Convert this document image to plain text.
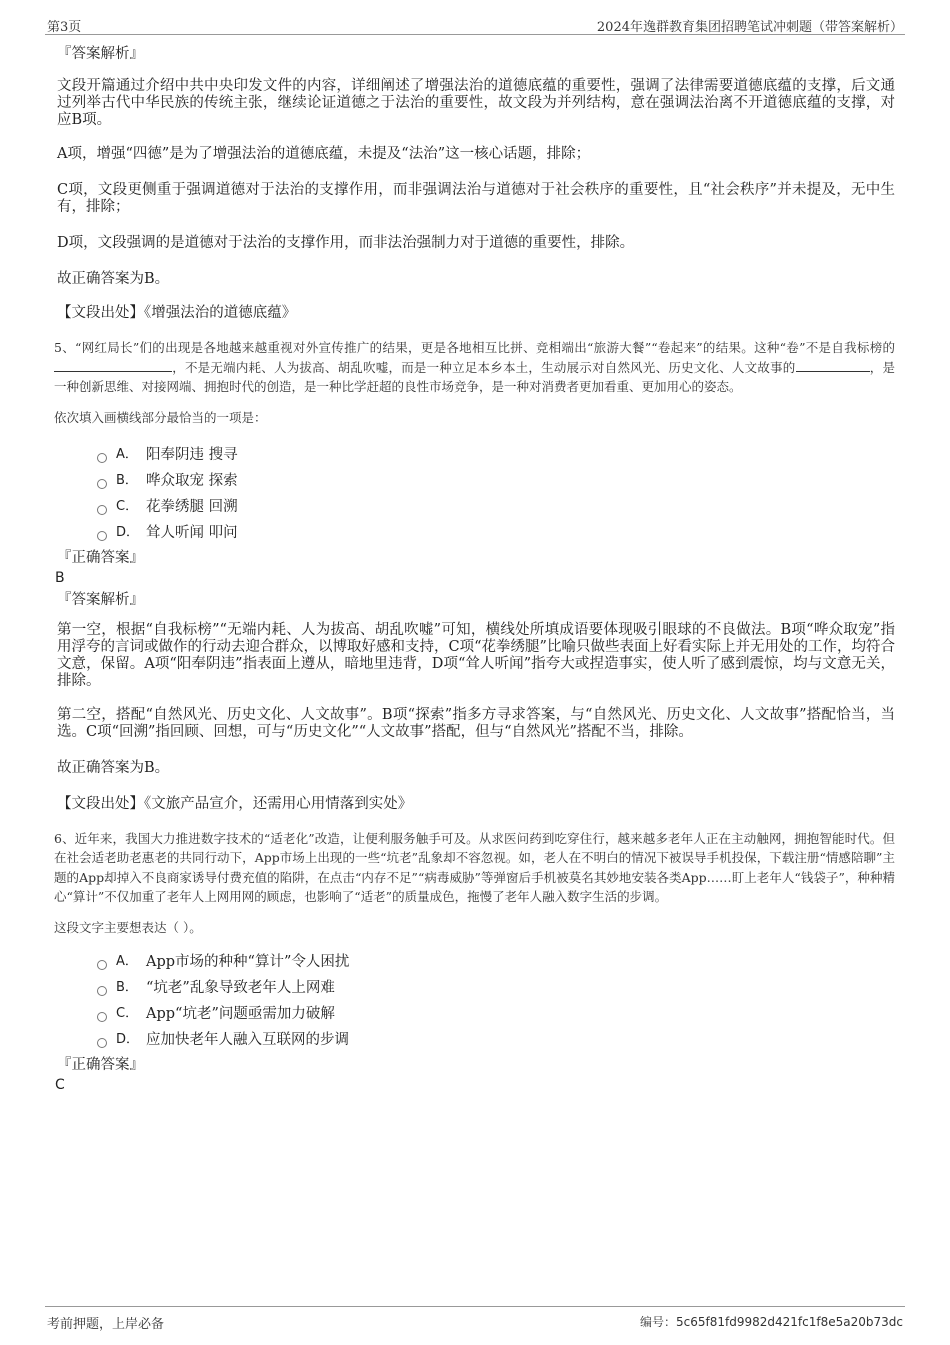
第3页	2024年逸群教育集团招聘笔试冲刺题（带答案解析）

『答案解析』

文段开篇通过介绍中共中央印发文件的内容，详细阐述了增强法治的道德底蕴的重要性，强调了法律需要道德底蕴的支撑，后文通过列举古代中华民族的传统主张，继续论证道德之于法治的重要性，故文段为并列结构，意在强调法治离不开道德底蕴的支撑，对应B项。

A项，增强“四德”是为了增强法治的道德底蕴，未提及“法治”这一核心话题，排除；

C项，文段更侧重于强调道德对于法治的支撑作用，而非强调法治与道德对于社会秩序的重要性，且“社会秩序”并未提及，无中生有，排除；

D项，文段强调的是道德对于法治的支撑作用，而非法治强制力对于道德的重要性，排除。

故正确答案为B。

【文段出处】《增强法治的道德底蕴》

5、“网红局长”们的出现是各地越来越重视对外宣传推广的结果，更是各地相互比拼、竞相端出“旅游大餐”“卷起来”的结果。这种“卷”不是自我标榜的，不是无端内耗、人为拔高、胡乱吹嘘，而是一种立足本乡本土，生动展示对自然风光、历史文化、人文故事的	，是一种创新思维、对接网端、拥抱时代的创造，是一种比学赶超的良性市场竞争，是一种对消费者更加看重、更加用心的姿态。

依次填入画横线部分最恰当的一项是：

A． 阳奉阴违 搜寻
B． 哗众取宠 探索
C． 花拳绣腿 回溯
D． 耸人听闻 叩问

『正确答案』

B

『答案解析』

第一空，根据“自我标榜”“无端内耗、人为拔高、胡乱吹嘘”可知，横线处所填成语要体现吸引眼球的不良做法。B项“哗众取宠”指用浮夸的言词或做作的行动去迎合群众，以博取好感和支持，C项“花拳绣腿”比喻只做些表面上好看实际上并无用处的工作，均符合文意，保留。A项“阳奉阴违”指表面上遵从，暗地里违背，D项“耸人听闻”指夸大或捏造事实，使人听了感到震惊，均与文意无关，排除。

第二空，搭配“自然风光、历史文化、人文故事”。B项“探索”指多方寻求答案，与“自然风光、历史文化、人文故事”搭配恰当，当选。C项“回溯”指回顾、回想，可与“历史文化”“人文故事”搭配，但与“自然风光”搭配不当，排除。

故正确答案为B。

【文段出处】《文旅产品宣介，还需用心用情落到实处》

6、近年来，我国大力推进数字技术的“适老化”改造，让便利服务触手可及。从求医问药到吃穿住行，越来越多老年人正在主动触网，拥抱智能时代。但在社会适老助老惠老的共同行动下，App市场上出现的一些“坑老”乱象却不容忽视。如，老人在不明白的情况下被误导手机投保，下载注册“情感陪聊”主题的App却掉入不良商家诱导付费充值的陷阱，在点击“内存不足”“病毒威胁”等弹窗后手机被莫名其妙地安装各类App……盯上老年人“钱袋子”，种种精心“算计”不仅加重了老年人上网用网的顾虑，也影响了“适老”的质量成色，拖慢了老年人融入数字生活的步调。

这段文字主要想表达（ ）。

A． App市场的种种“算计”令人困扰
B． “坑老”乱象导致老年人上网难
C． App“坑老”问题亟需加力破解
D． 应加快老年人融入互联网的步调

『正确答案』

C

考前押题，上岸必备	编号：5c65f81fd9982d421fc1f8e5a20b73dc
